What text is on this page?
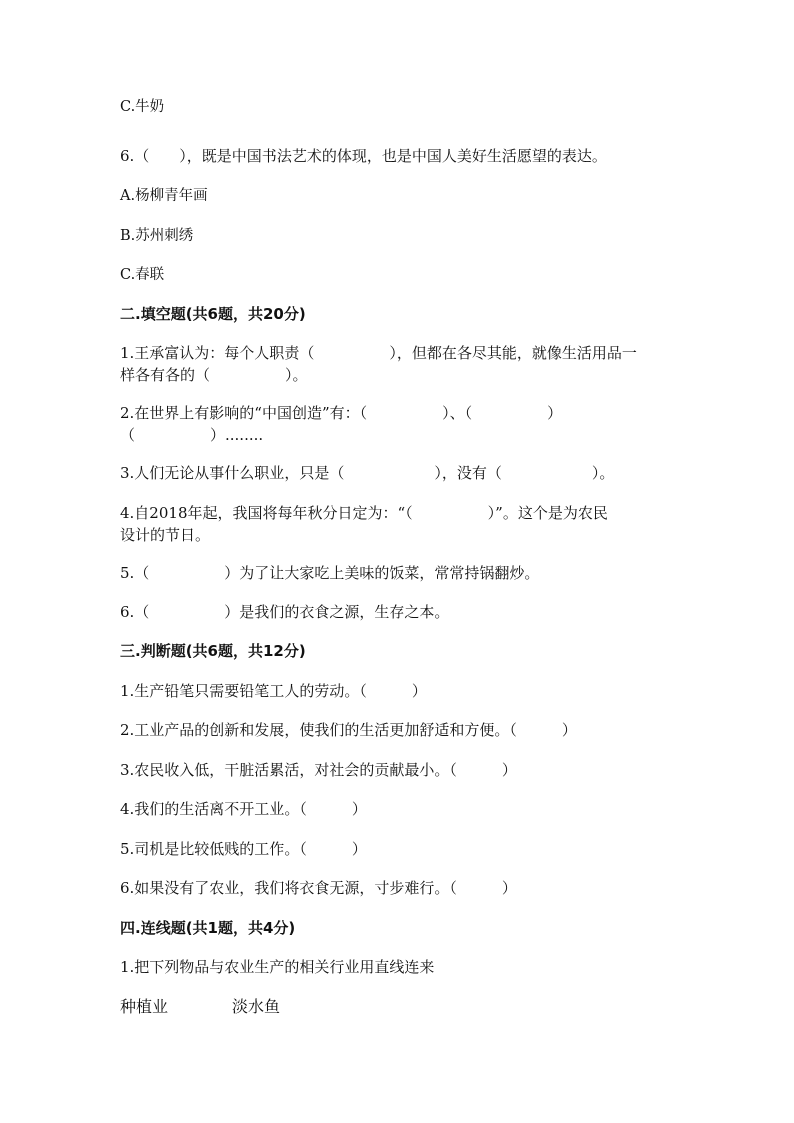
C.牛奶
6.（　　），既是中国书法艺术的体现，也是中国人美好生活愿望的表达。
A.杨柳青年画
B.苏州刺绣
C.春联
二.填空题(共6题，共20分)
1.王承富认为：每个人职责（　　　　　），但都在各尽其能，就像生活用品一
样各有各的（　　　　　）。
2.在世界上有影响的“中国创造”有：（　　　　　）、（　　　　　）
（　　　　　）........
3.人们无论从事什么职业，只是（　　　　　　），没有（　　　　　　）。
4.自2018年起，我国将每年秋分日定为：“（　　　　　）”。这个是为农民
设计的节日。
5.（　　　　　）为了让大家吃上美味的饭菜，常常持锅翻炒。
6.（　　　　　）是我们的衣食之源，生存之本。
三.判断题(共6题，共12分)
1.生产铅笔只需要铅笔工人的劳动。（　　　）
2.工业产品的创新和发展，使我们的生活更加舒适和方便。（　　　）
3.农民收入低，干脏活累活，对社会的贡献最小。（　　　）
4.我们的生活离不开工业。（　　　）
5.司机是比较低贱的工作。（　　　）
6.如果没有了农业，我们将衣食无源，寸步难行。（　　　）
四.连线题(共1题，共4分)
1.把下列物品与农业生产的相关行业用直线连来
种植业	淡水鱼
